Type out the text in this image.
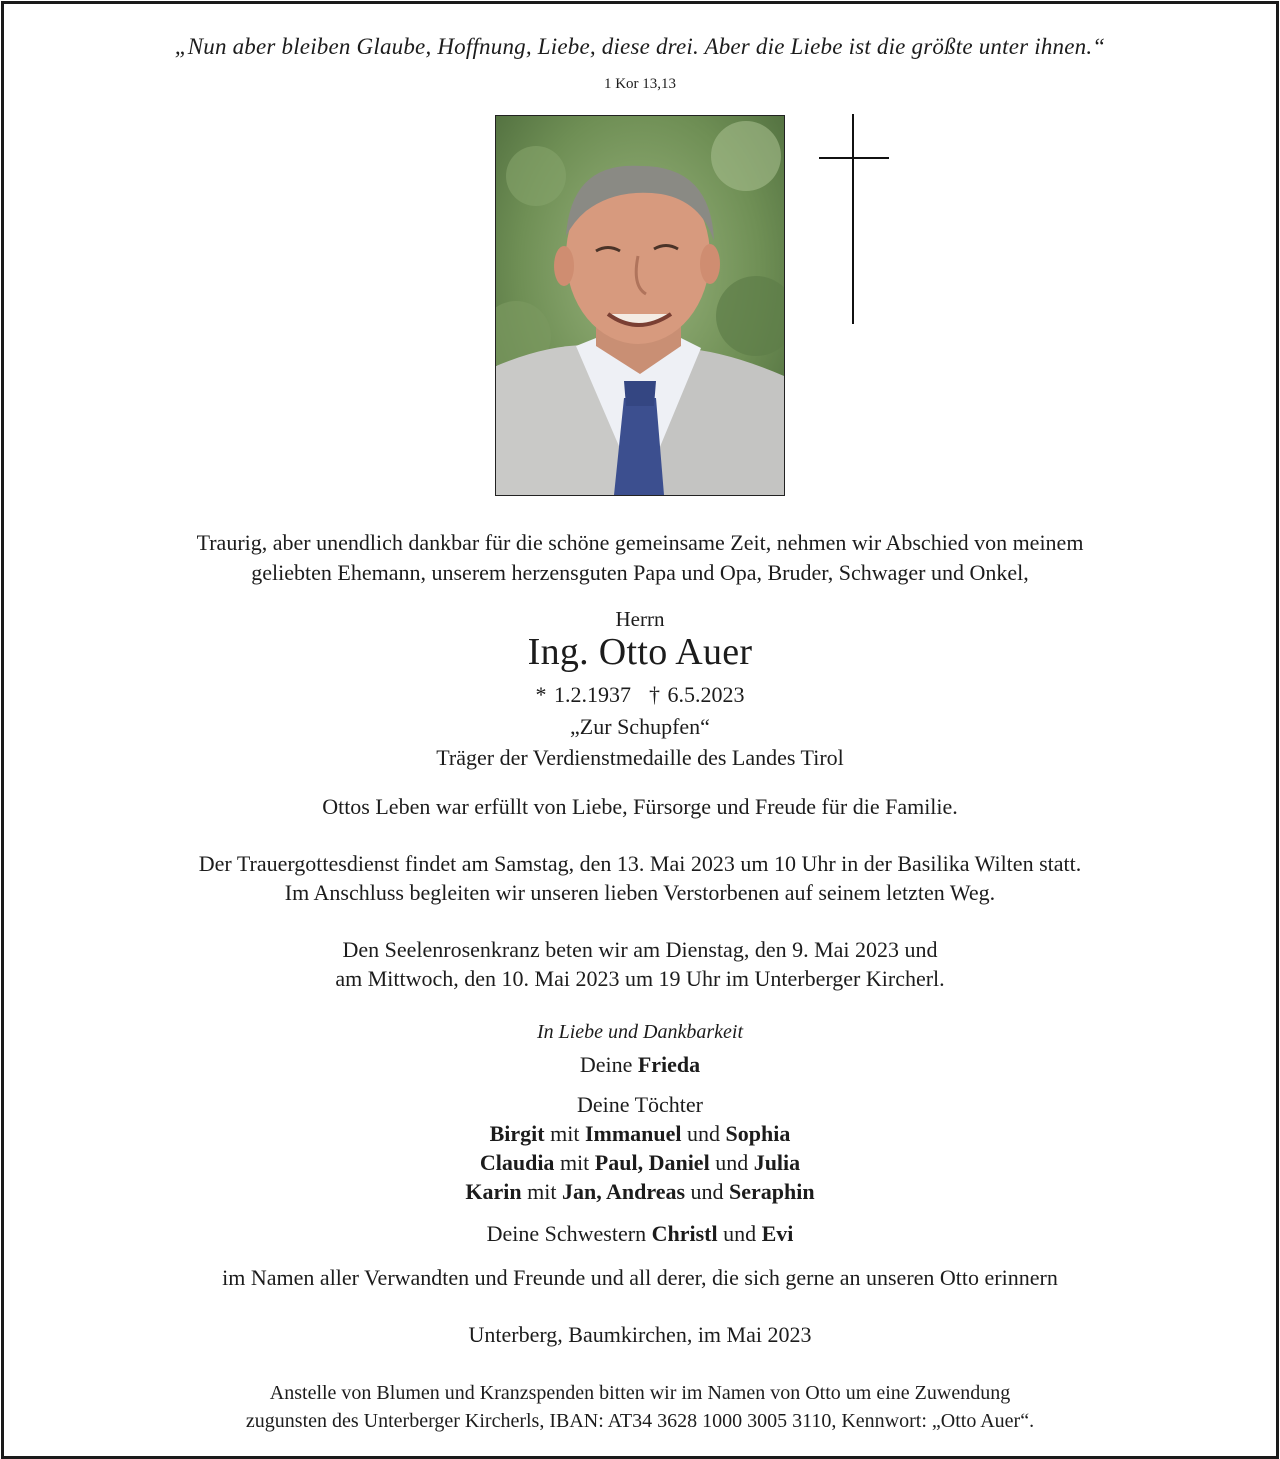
„Nun aber bleiben Glaube, Hoffnung, Liebe, diese drei. Aber die Liebe ist die größte unter ihnen.“
1 Kor 13,13
Traurig, aber unendlich dankbar für die schöne gemeinsame Zeit, nehmen wir Abschied von meinem
geliebten Ehemann, unserem herzensguten Papa und Opa, Bruder, Schwager und Onkel,
Herrn
Ing. Otto Auer
* 1.2.1937 † 6.5.2023
„Zur Schupfen“
Träger der Verdienstmedaille des Landes Tirol
Ottos Leben war erfüllt von Liebe, Fürsorge und Freude für die Familie.
Der Trauergottesdienst findet am Samstag, den 13. Mai 2023 um 10 Uhr in der Basilika Wilten statt.
Im Anschluss begleiten wir unseren lieben Verstorbenen auf seinem letzten Weg.
Den Seelenrosenkranz beten wir am Dienstag, den 9. Mai 2023 und
am Mittwoch, den 10. Mai 2023 um 19 Uhr im Unterberger Kircherl.
In Liebe und Dankbarkeit
Deine Frieda
Deine Töchter
Birgit mit Immanuel und Sophia
Claudia mit Paul, Daniel und Julia
Karin mit Jan, Andreas und Seraphin
Deine Schwestern Christl und Evi
im Namen aller Verwandten und Freunde und all derer, die sich gerne an unseren Otto erinnern
Unterberg, Baumkirchen, im Mai 2023
Anstelle von Blumen und Kranzspenden bitten wir im Namen von Otto um eine Zuwendung
zugunsten des Unterberger Kircherls, IBAN: AT34 3628 1000 3005 3110, Kennwort: „Otto Auer“.
